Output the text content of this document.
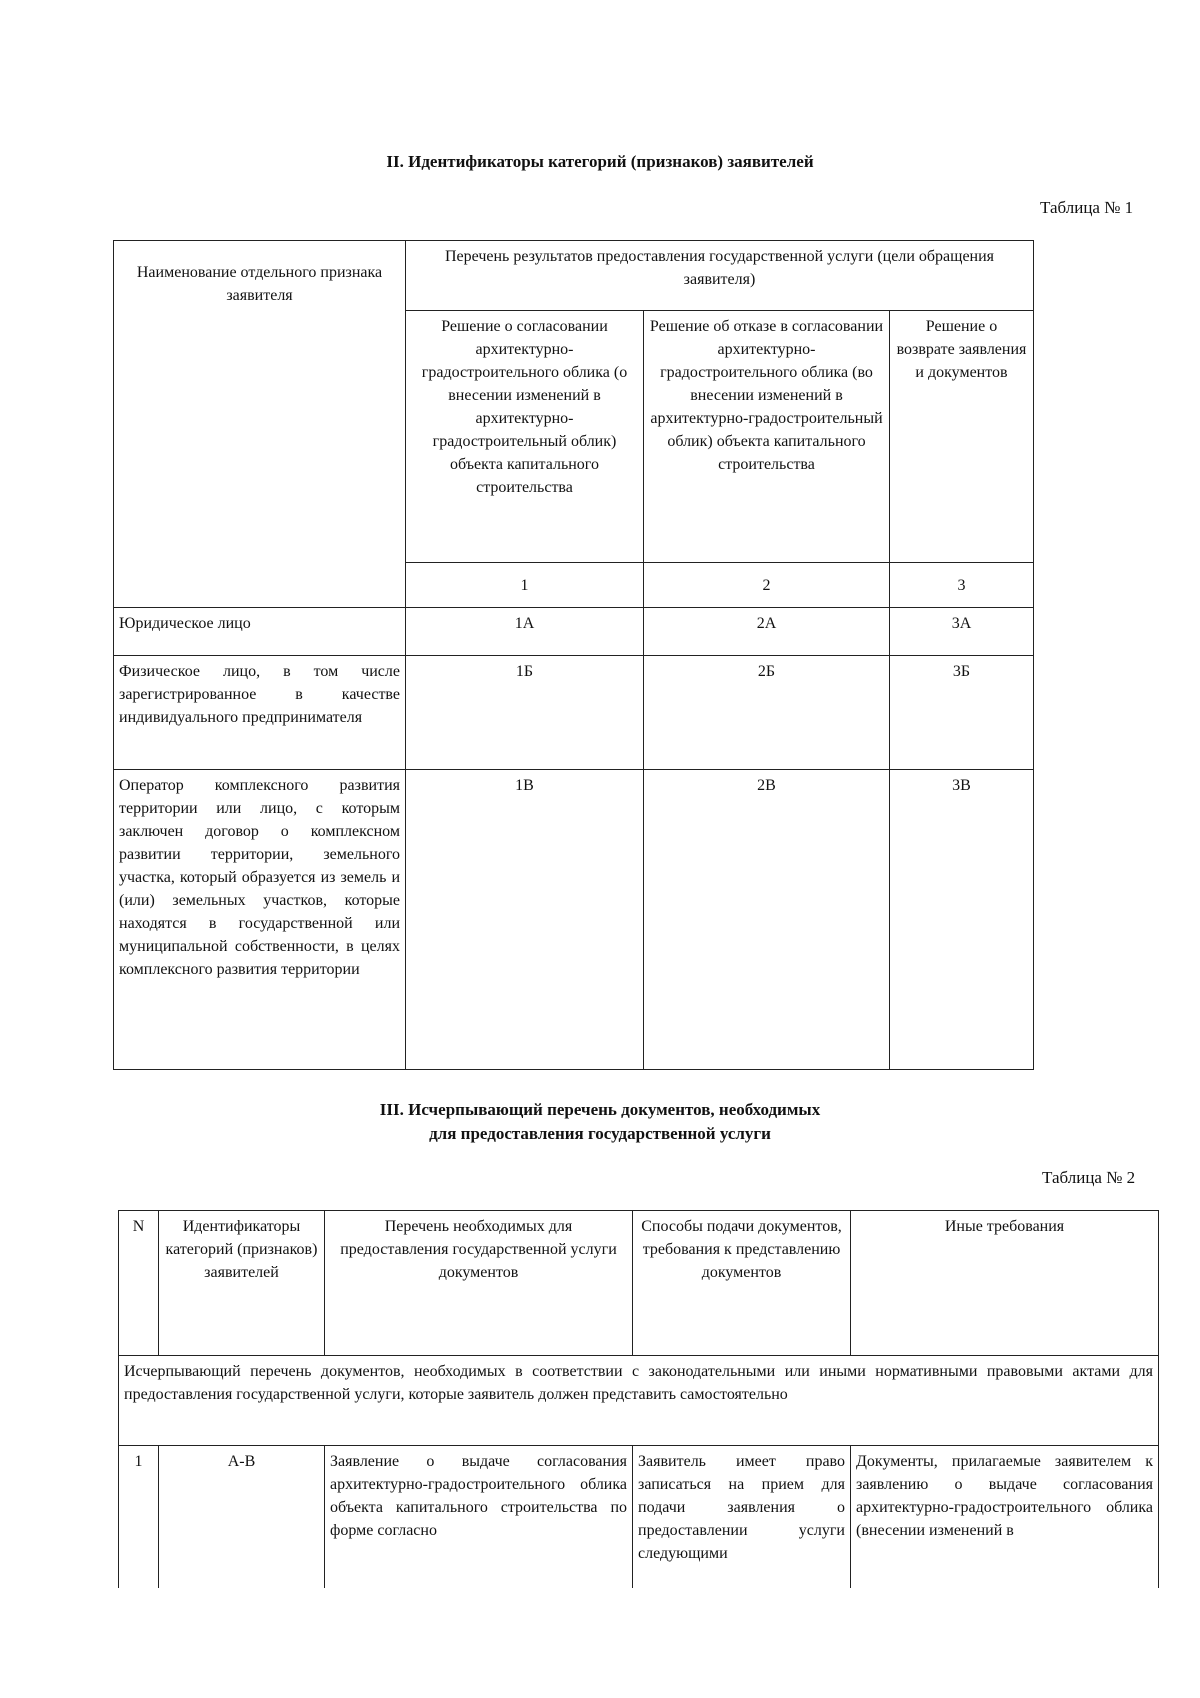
II. Идентификаторы категорий (признаков) заявителей
Таблица № 1
Наименование отдельного признака заявителя	Перечень результатов предоставления государственной услуги (цели обращения заявителя)		
	Решение о согласовании архитектурно-градостроительного облика (о внесении изменений в архитектурно-градостроительный облик) объекта капитального строительства	Решение об отказе в согласовании архитектурно-градостроительного облика (во внесении изменений в архитектурно-градостроительный облик) объекта капитального строительства	Решение о возврате заявления и документов
	1	2	3
Юридическое лицо	1А	2А	3А
Физическое лицо, в том числе зарегистрированное в качестве индивидуального предпринимателя	1Б	2Б	3Б
Оператор комплексного развития территории или лицо, с которым заключен договор о комплексном развитии территории, земельного участка, который образуется из земель и (или) земельных участков, которые находятся в государственной или муниципальной собственности, в целях комплексного развития территории	1В	2В	3В
III. Исчерпывающий перечень документов, необходимых
для предоставления государственной услуги
Таблица № 2
N	Идентификаторы категорий (признаков) заявителей	Перечень необходимых для предоставления государственной услуги документов	Способы подачи документов, требования к представлению документов	Иные требования
Исчерпывающий перечень документов, необходимых в соответствии с законодательными или иными нормативными правовыми актами для предоставления государственной услуги, которые заявитель должен представить самостоятельно				
1	А-В	Заявление о выдаче согласования архитектурно-градостроительного облика объекта капитального строительства по форме согласно	Заявитель имеет право записаться на прием для подачи заявления о предоставлении услуги следующими	Документы, прилагаемые заявителем к заявлению о выдаче согласования архитектурно-градостроительного облика (внесении изменений в
